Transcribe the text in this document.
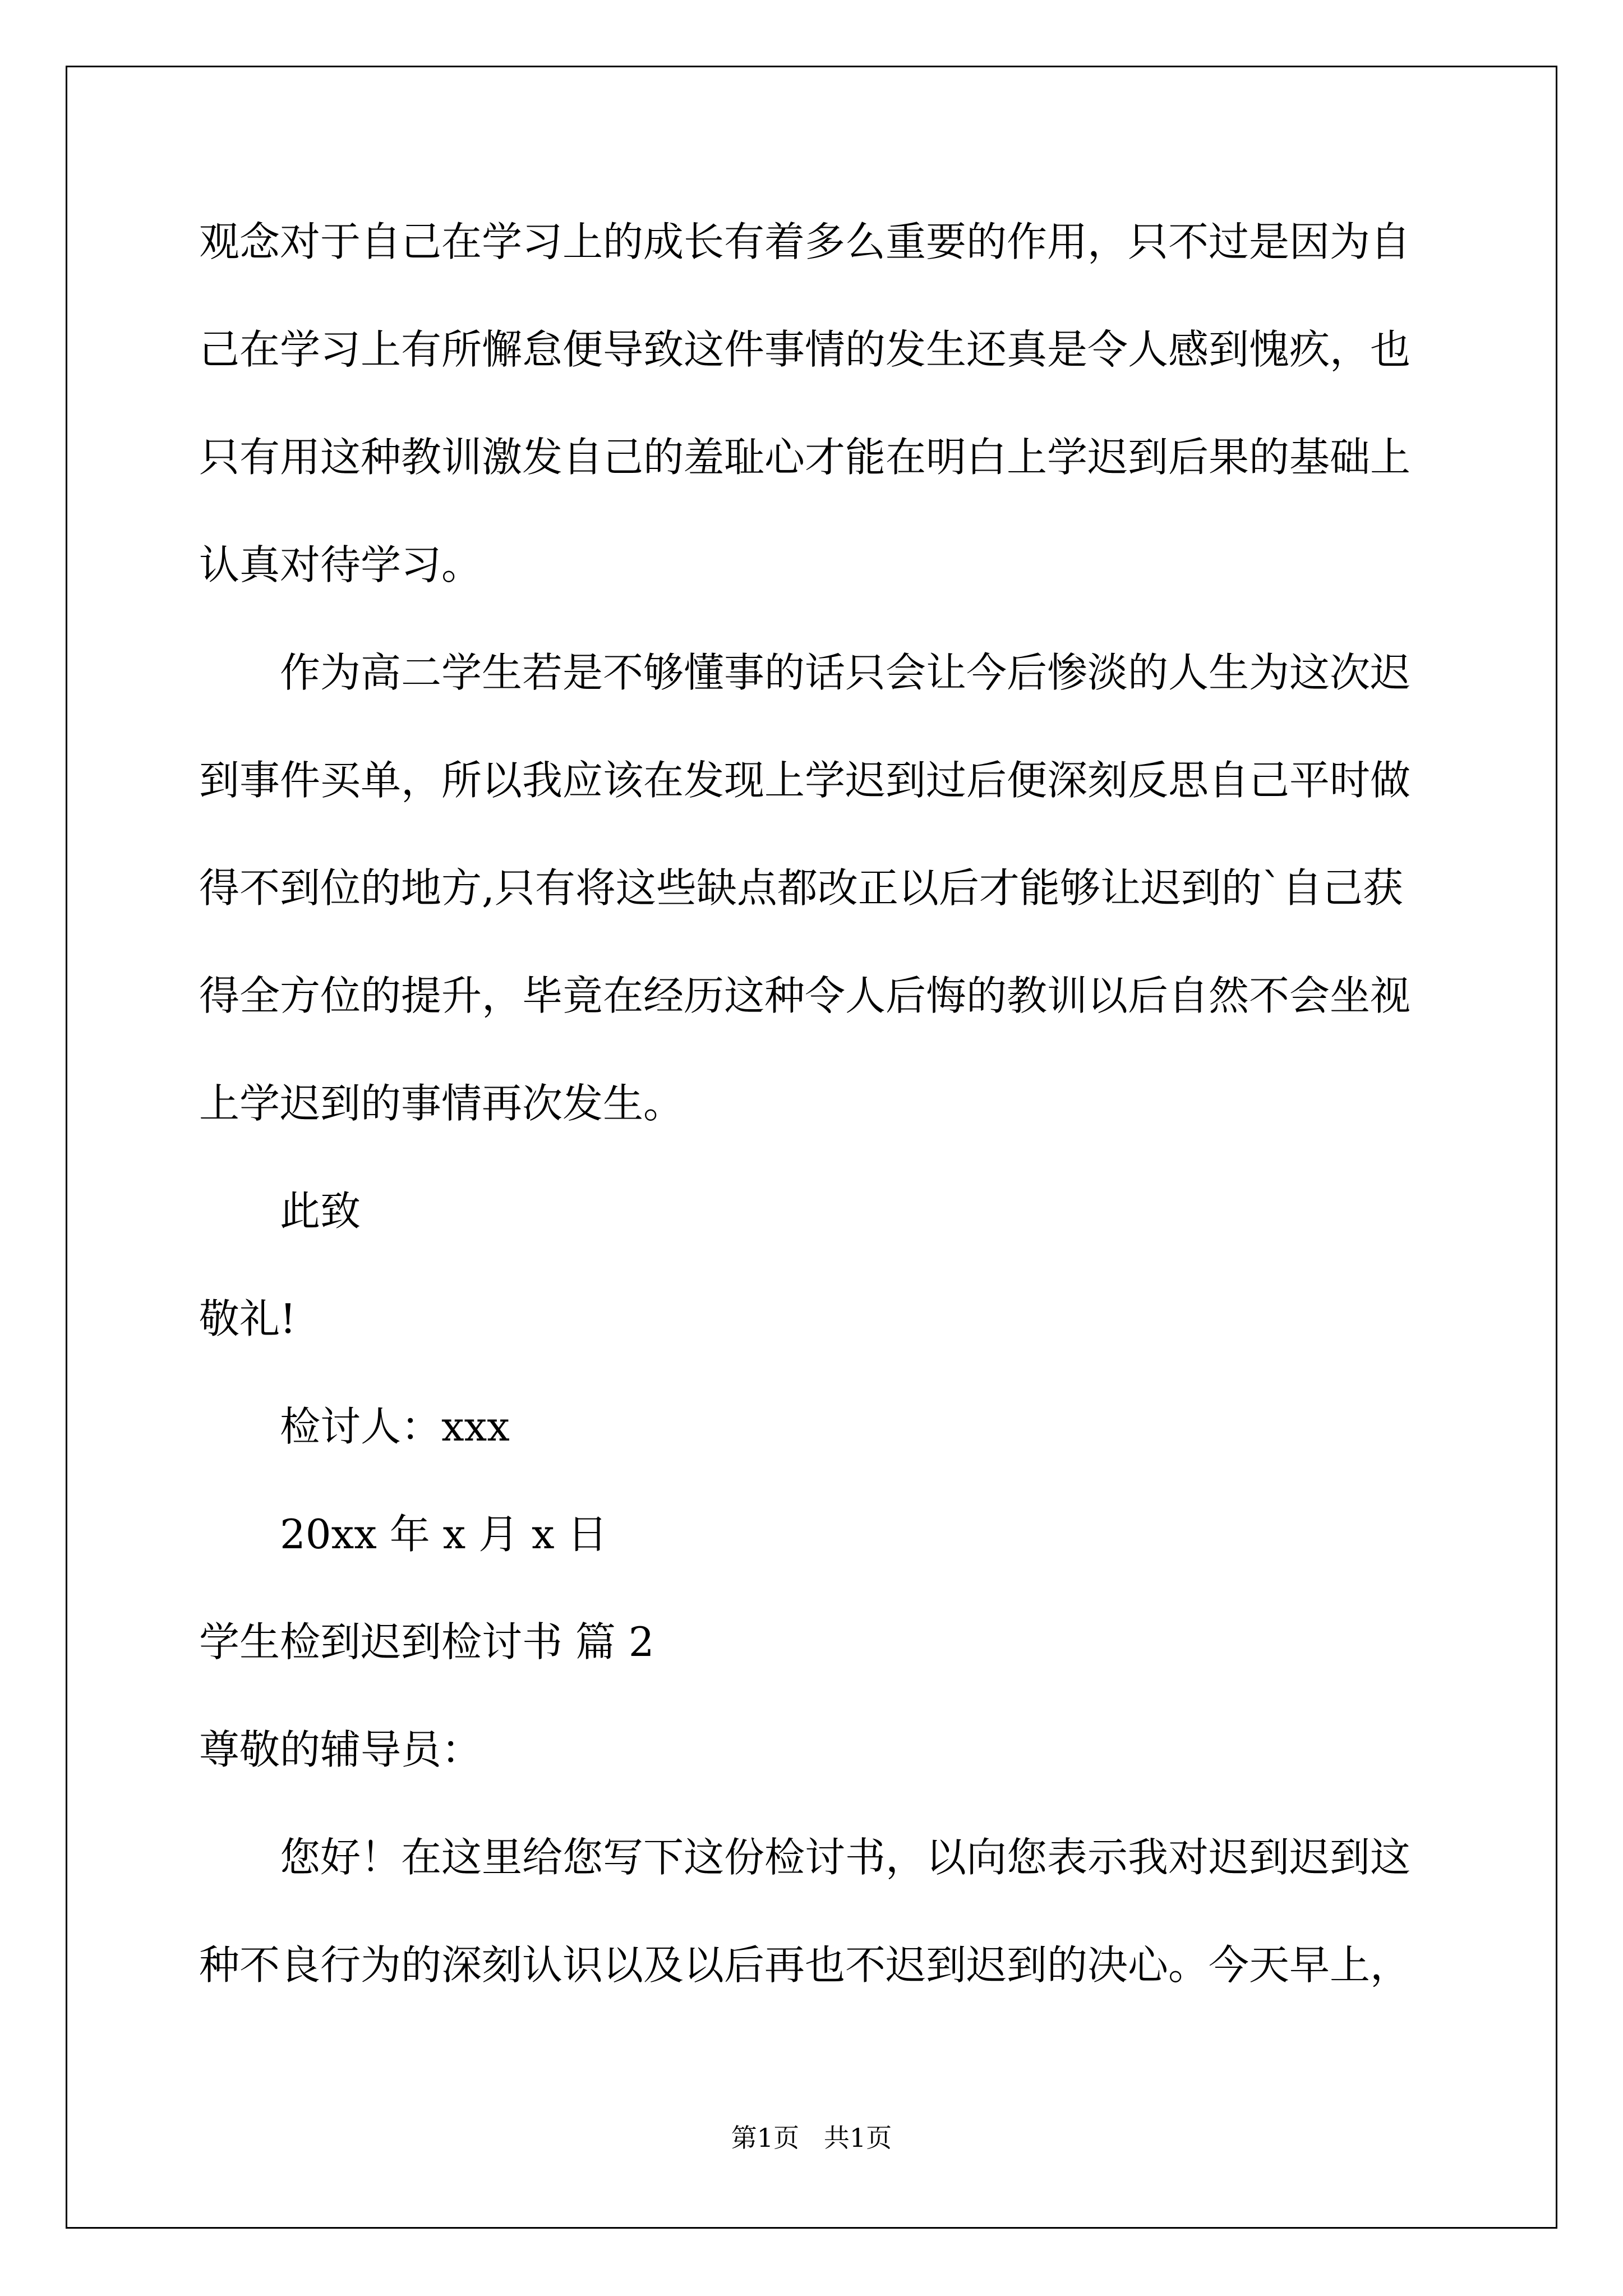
观念对于自己在学习上的成长有着多么重要的作用，只不过是因为自
己在学习上有所懈怠便导致这件事情的发生还真是令人感到愧疚，也
只有用这种教训激发自己的羞耻心才能在明白上学迟到后果的基础上
认真对待学习。
作为高二学生若是不够懂事的话只会让今后惨淡的人生为这次迟
到事件买单，所以我应该在发现上学迟到过后便深刻反思自己平时做
得不到位的地方,只有将这些缺点都改正以后才能够让迟到的`自己获
得全方位的提升，毕竟在经历这种令人后悔的教训以后自然不会坐视
上学迟到的事情再次发生。
此致
敬礼!
检讨人：xxx
20xx 年 x 月 x 日
学生检到迟到检讨书 篇 2
尊敬的辅导员：
您好！在这里给您写下这份检讨书，以向您表示我对迟到迟到这
种不良行为的深刻认识以及以后再也不迟到迟到的决心。今天早上，
第1页   共1页
